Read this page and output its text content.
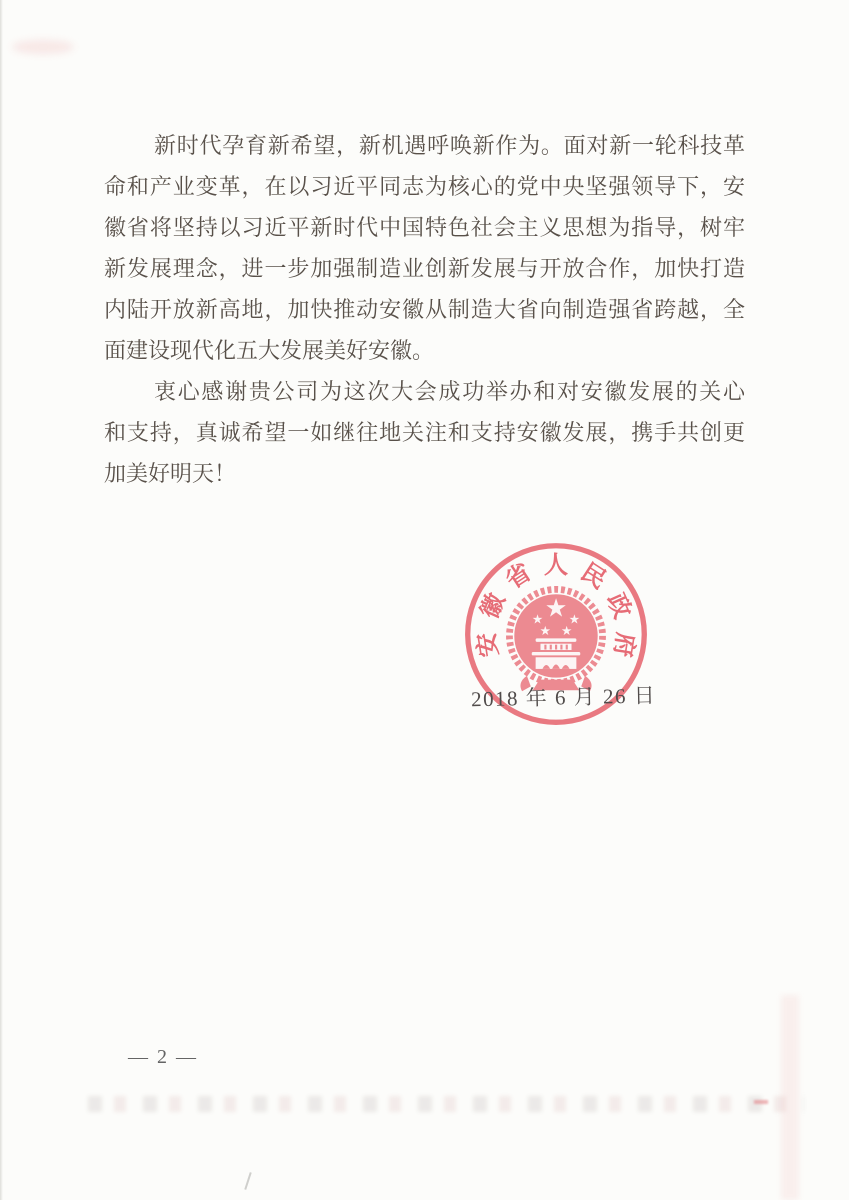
新时代孕育新希望，新机遇呼唤新作为。面对新一轮科技革
命和产业变革，在以习近平同志为核心的党中央坚强领导下，安
徽省将坚持以习近平新时代中国特色社会主义思想为指导，树牢
新发展理念，进一步加强制造业创新发展与开放合作，加快打造
内陆开放新高地，加快推动安徽从制造大省向制造强省跨越，全
面建设现代化五大发展美好安徽。
衷心感谢贵公司为这次大会成功举办和对安徽发展的关心
和支持，真诚希望一如继往地关注和支持安徽发展，携手共创更
加美好明天！
安
徽
省 人 民
政
府
★
★ ★
★ ★
2018 年 6 月 26 日
— 2 —
